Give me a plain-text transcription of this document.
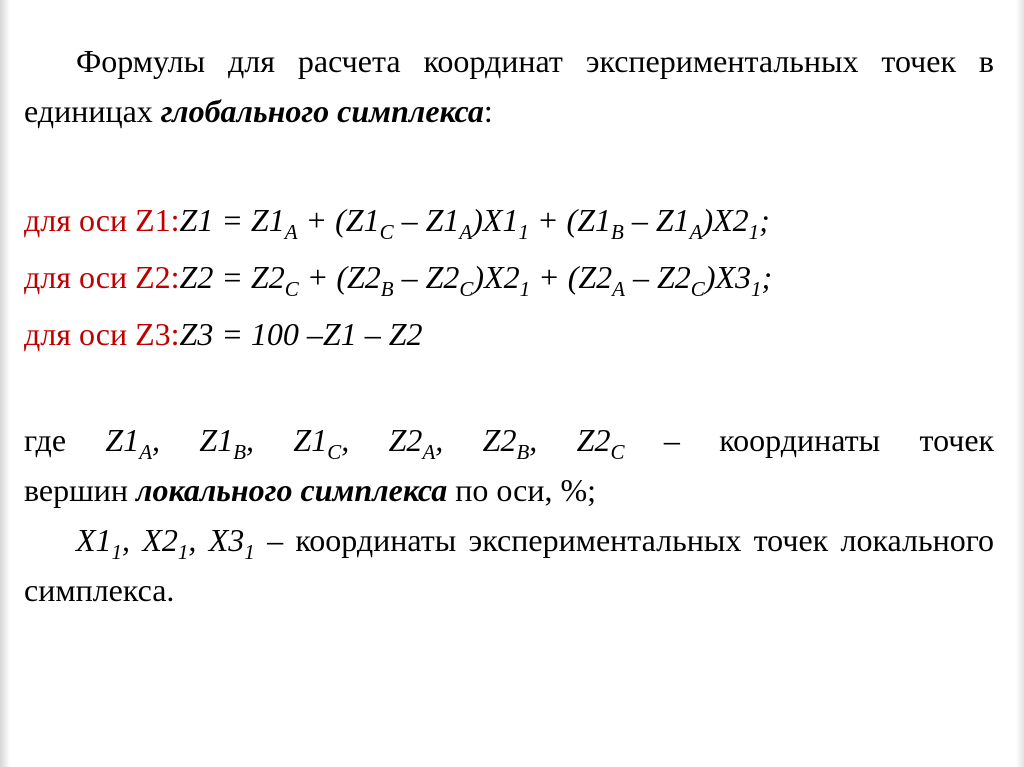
Формулы для расчета координат экспериментальных точек в единицах глобального симплекса:

для оси Z1:Z1 = $Z1_A + (Z1_C - Z1_A)X1_1 + (Z1_B - Z1_A)X2_1$;

для оси Z2:Z2 = $Z2_C + (Z2_B - Z2_C)X2_1 + (Z2_A - Z2_C)X3_1$;

для оси Z3:Z3 = 100 –Z1 – Z2

где $Z1_A$, $Z1_B$, $Z1_C$, $Z2_A$, $Z2_B$, $Z2_C$ – координаты точек

вершин локального симплекса по оси, %;

$X1_1$, $X2_1$, $X3_1$ – координаты экспериментальных точек локального симплекса.
